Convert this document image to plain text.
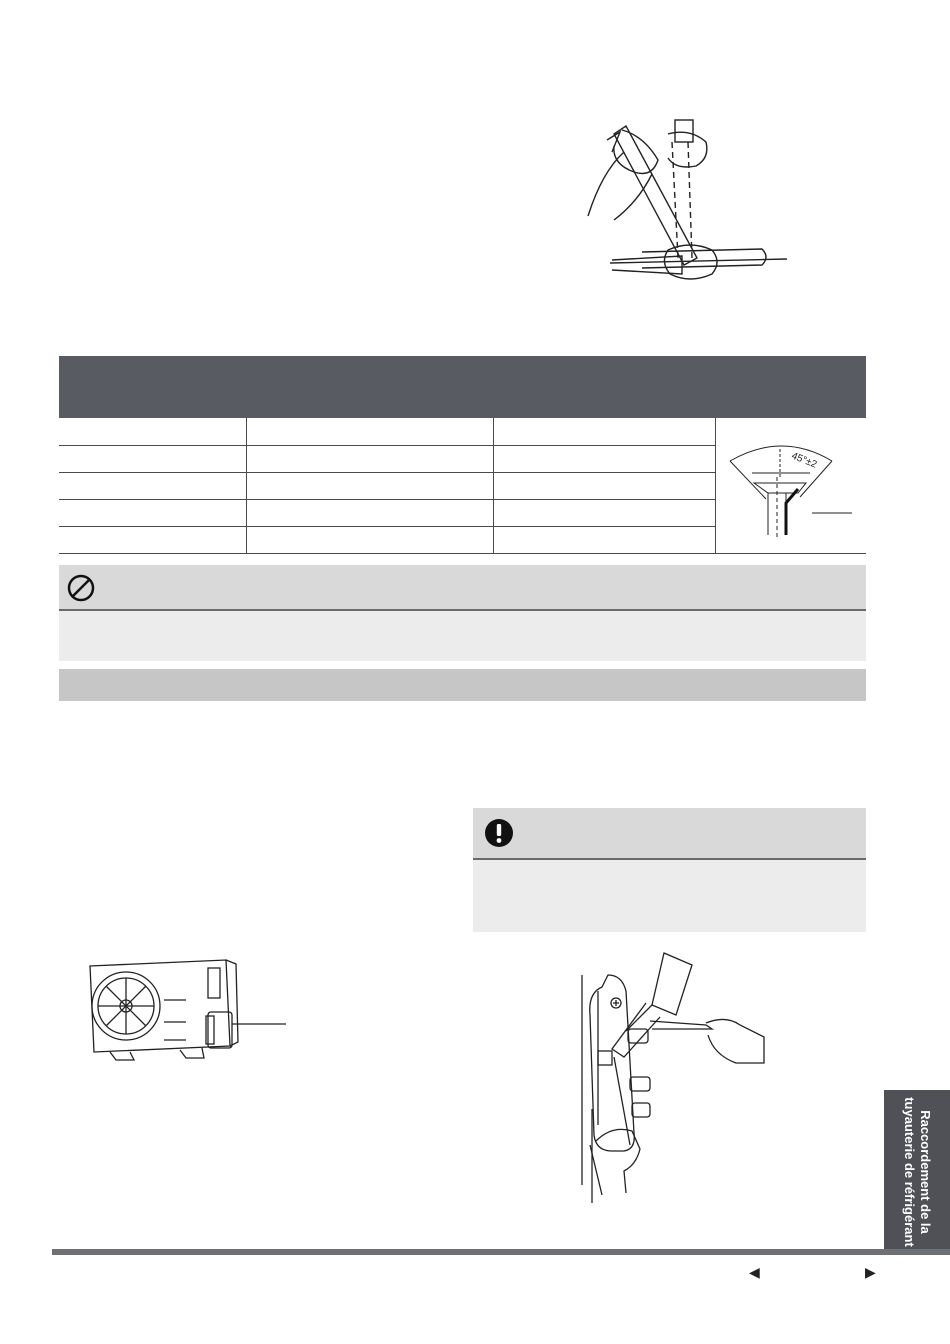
45°±2
Raccordement de la
tuyauterie de réfrigérant
◀	▶
